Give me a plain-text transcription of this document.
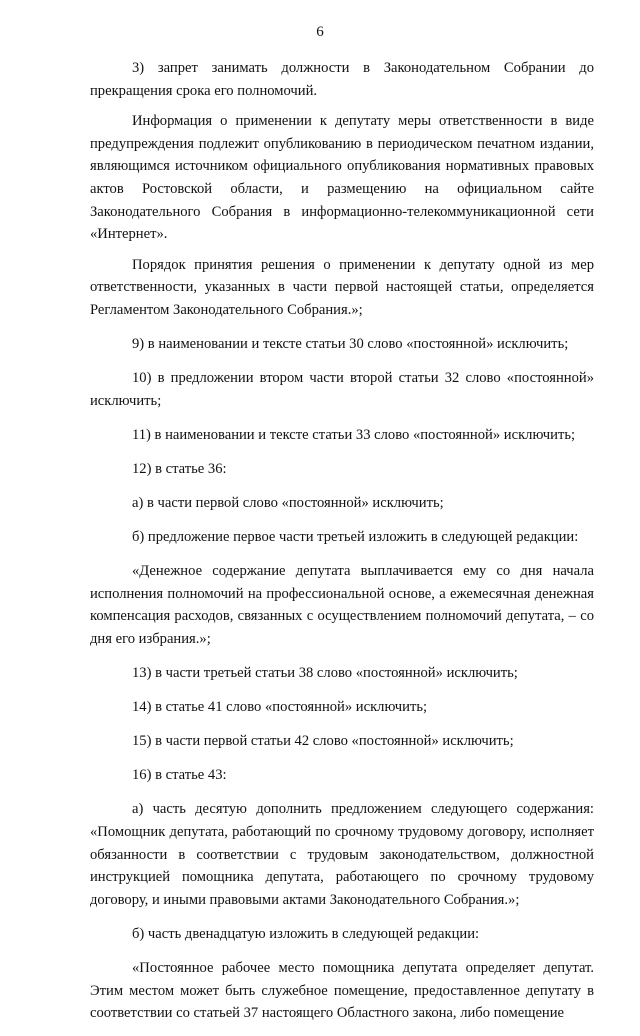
6

3) запрет занимать должности в Законодательном Собрании до прекращения срока его полномочий.

Информация о применении к депутату меры ответственности в виде предупреждения подлежит опубликованию в периодическом печатном издании, являющимся источником официального опубликования нормативных правовых актов Ростовской области, и размещению на официальном сайте Законодательного Собрания в информационно-телекоммуникационной сети «Интернет».

Порядок принятия решения о применении к депутату одной из мер ответственности, указанных в части первой настоящей статьи, определяется Регламентом Законодательного Собрания.»;

9) в наименовании и тексте статьи 30 слово «постоянной» исключить;

10) в предложении втором части второй статьи 32 слово «постоянной» исключить;

11) в наименовании и тексте статьи 33 слово «постоянной» исключить;

12) в статье 36:

а) в части первой слово «постоянной» исключить;

б) предложение первое части третьей изложить в следующей редакции:

«Денежное содержание депутата выплачивается ему со дня начала исполнения полномочий на профессиональной основе, а ежемесячная денежная компенсация расходов, связанных с осуществлением полномочий депутата, – со дня его избрания.»;

13) в части третьей статьи 38 слово «постоянной» исключить;

14) в статье 41 слово «постоянной» исключить;

15) в части первой статьи 42 слово «постоянной» исключить;

16) в статье 43:

а) часть десятую дополнить предложением следующего содержания: «Помощник депутата, работающий по срочному трудовому договору, исполняет обязанности в соответствии с трудовым законодательством, должностной инструкцией помощника депутата, работающего по срочному трудовому договору, и иными правовыми актами Законодательного Собрания.»;

б) часть двенадцатую изложить в следующей редакции:

«Постоянное рабочее место помощника депутата определяет депутат. Этим местом может быть служебное помещение, предоставленное депутату в соответствии со статьей 37 настоящего Областного закона, либо помещение
